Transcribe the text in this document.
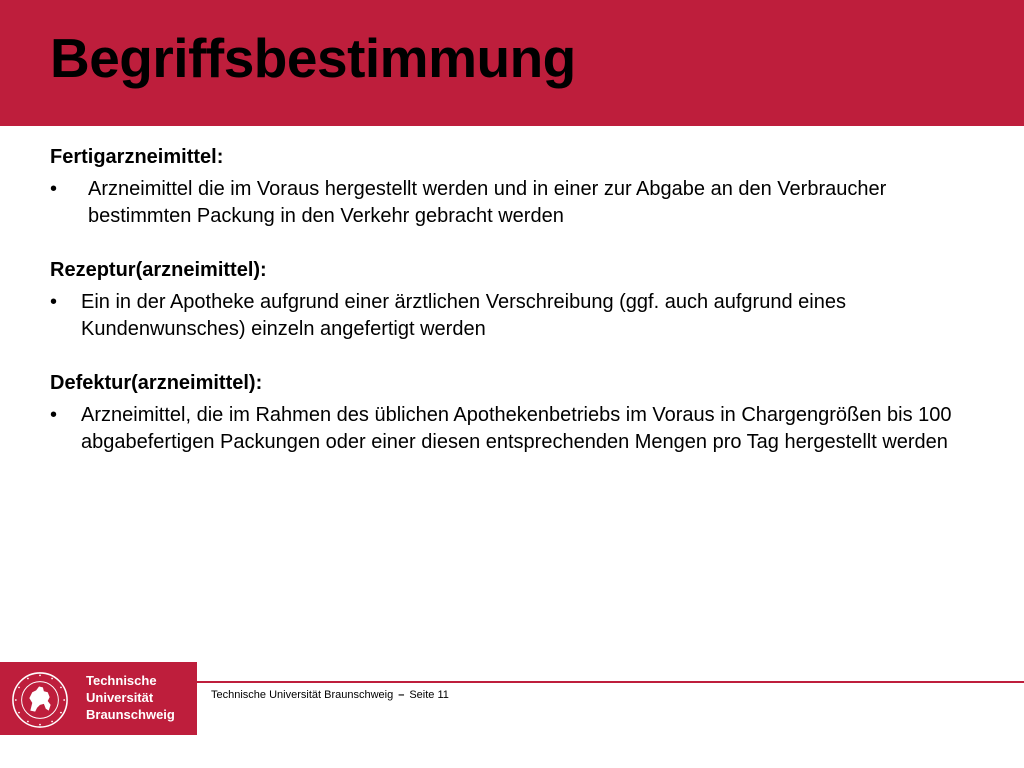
Begriffsbestimmung

Fertigarzneimittel:

• Arzneimittel die im Voraus hergestellt werden und in einer zur Abgabe an den Verbraucher bestimmten Packung in den Verkehr gebracht werden

Rezeptur(arzneimittel):

• Ein in der Apotheke aufgrund einer ärztlichen Verschreibung (ggf. auch aufgrund eines Kundenwunsches) einzeln angefertigt werden

Defektur(arzneimittel):

• Arzneimittel, die im Rahmen des üblichen Apothekenbetriebs im Voraus in Chargengrößen bis 100 abgabefertigen Packungen oder einer diesen entsprechenden Mengen pro Tag hergestellt werden
Technische
Universität
Braunschweig
Technische Universität Braunschweig – Seite 11
